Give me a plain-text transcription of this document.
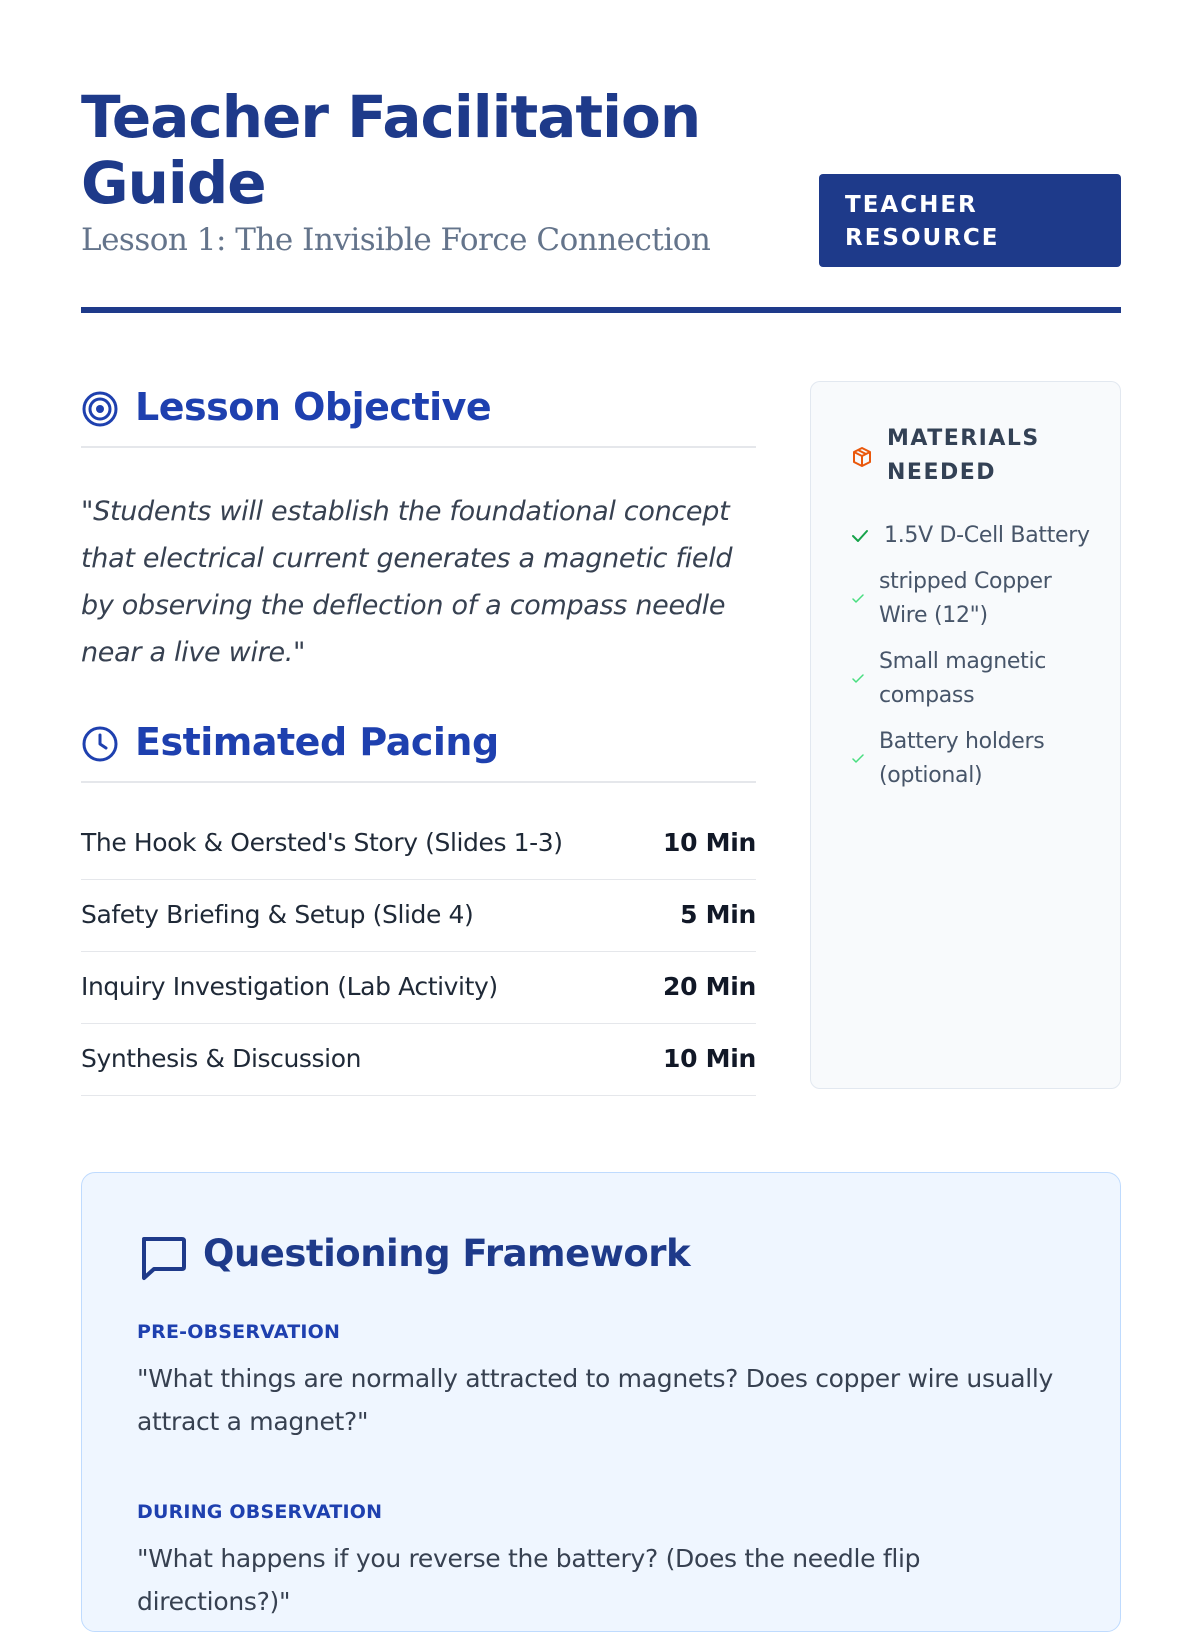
Teacher Facilitation Guide
Lesson 1: The Invisible Force Connection
TEACHER RESOURCE
Lesson Objective
"Students will establish the foundational concept that electrical current generates a magnetic field by observing the deflection of a compass needle near a live wire."
Estimated Pacing
The Hook & Oersted's Story (Slides 1-3)	10 Min
Safety Briefing & Setup (Slide 4)	5 Min
Inquiry Investigation (Lab Activity)	20 Min
Synthesis & Discussion	10 Min
MATERIALS
NEEDED
1.5V D-Cell Battery
stripped Copper
Wire (12")
Small magnetic
compass
Battery holders
(optional)
Questioning Framework
PRE-OBSERVATION
"What things are normally attracted to magnets? Does copper wire usually attract a magnet?"
DURING OBSERVATION
"What happens if you reverse the battery? (Does the needle flip directions?)"
